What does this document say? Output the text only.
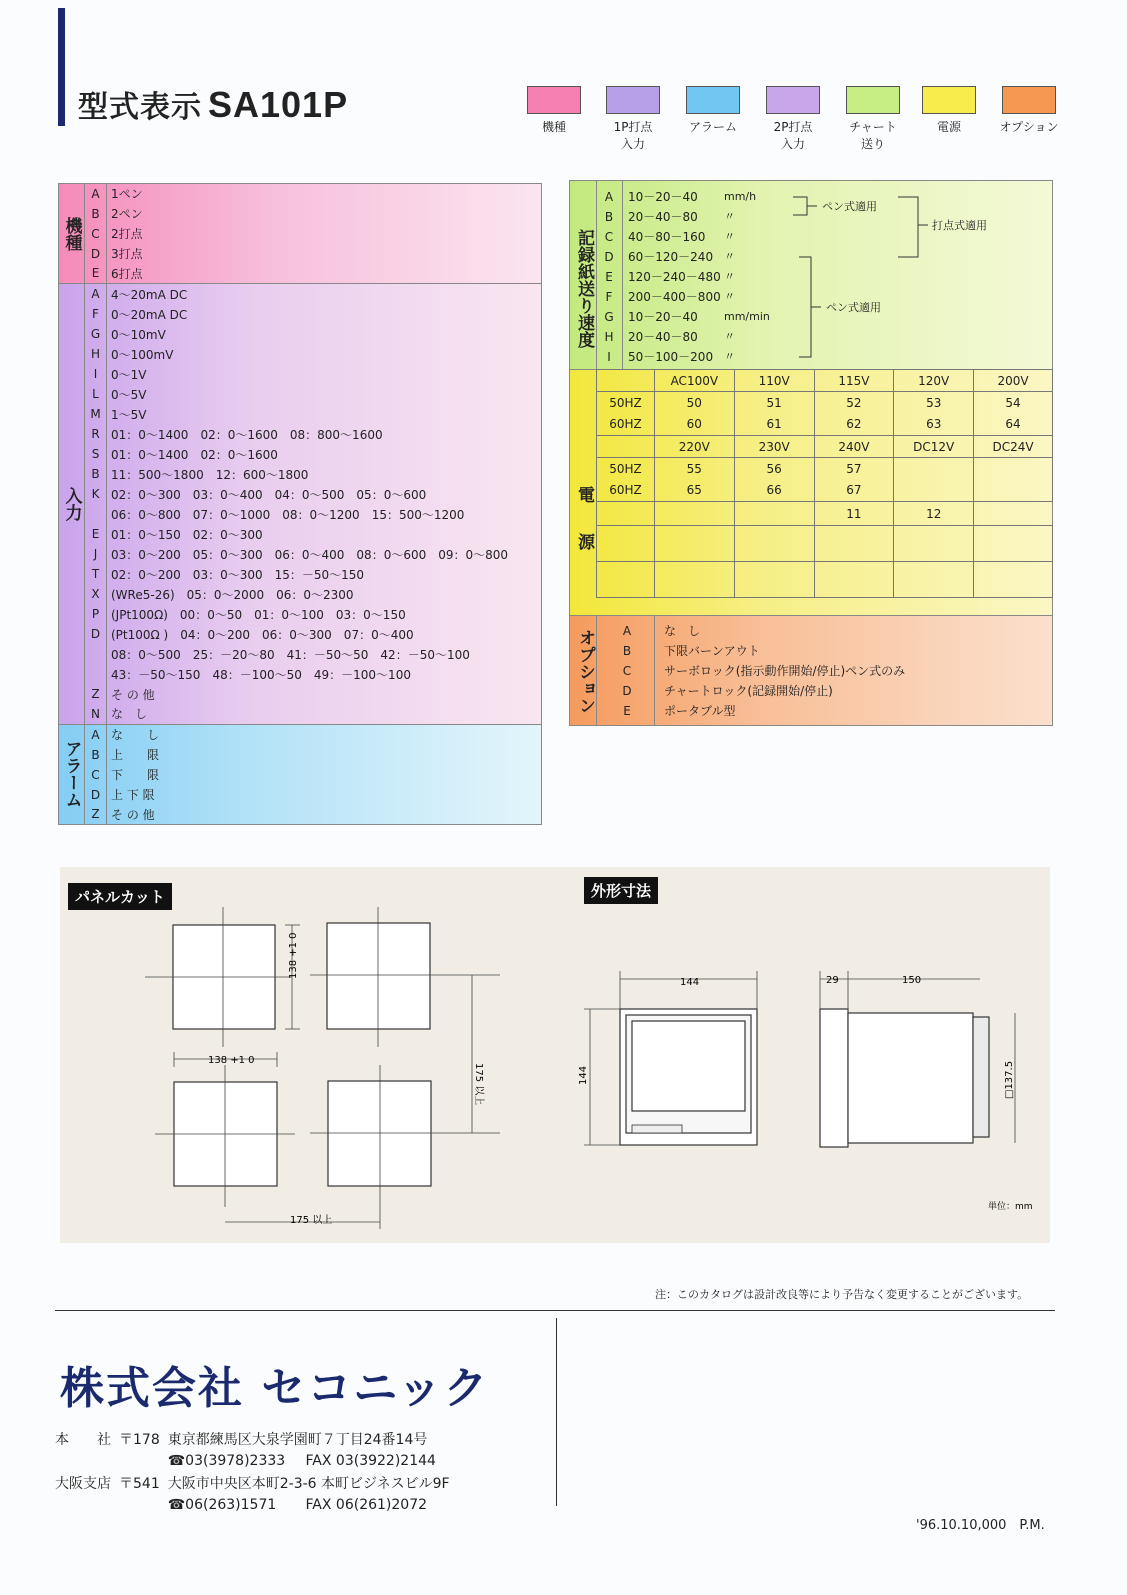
型式表示 SA101P
機種	1P打点
入力
アラーム	2P打点
入力
チャート
送り
電源	オプション
機種	A	1ペン
	B	2ペン
	C	2打点
	D	3打点
	E	6打点
入力	A	4～20mA DC
	F	0～20mA DC
	G	0～10mV
	H	0～100mV
	I	0～1V
	L	0～5V
	M	1～5V
	R	01：0～1400　02：0～1600　08：800～1600
	S	01：0～1400　02：0～1600
	B	11：500～1800　12：600～1800
	K	02：0～300　03：0～400　04：0～500　05：0～600
		06：0～800　07：0～1000　08：0～1200　15：500～1200
	E	01：0～150　02：0～300
	J	03：0～200　05：0～300　06：0～400　08：0～600　09：0～800
	T	02：0～200　03：0～300　15：－50～150
	X	(WRe5-26)　05：0～2000　06：0～2300
	P	(JPt100Ω)　00：0～50　01：0～100　03：0～150
	D	(Pt100Ω )　04：0～200　06：0～300　07：0～400
		08：0～500　25：－20～80　41：－50～50　42：－50～100
		43：－50～150　48：－100～50　49：－100～100
	Z	そ の 他
	N	な　し
アラーム	A	な　　し
	B	上　　限
	C	下　　限
	D	上 下 限
	Z	そ の 他
記録紙送り速度
A	10－20－40 mm/h
B	20－40－80 〃
C	40－80－160 〃
D	60－120－240 〃
E	120－240－480 〃
F	200－400－800 〃
G	10－20－40 mm/min
H	20－40－80 〃
I	50－100－200 〃
ペン式適用
打点式適用
ペン式適用
電源
	AC100V	110V	115V	120V	200V
50HZ	50	51	52	53	54
60HZ	60	61	62	63	64
	220V	230V	240V	DC12V	DC24V
50HZ	55	56	57		
60HZ	65	66	67		
			11	12	

オプション	A	な　し
B	下限バーンアウト
C	サーボロック(指示動作開始/停止)ペン式のみ
D	チャートロック(記録開始/停止)
E	ポータブル型
パネルカット	外形寸法
138 +1 0
138 +1 0
175 以上
175 以上
144
144
29	150
□137.5
単位：mm
注：このカタログは設計改良等により予告なく変更することがございます。
株式会社 セコニック
本　　社	〒178	東京都練馬区大泉学園町７丁目24番14号	
		☎03(3978)2333	FAX 03(3922)2144
大阪支店	〒541	大阪市中央区本町2-3-6 本町ビジネスビル9F	
		☎06(263)1571	FAX 06(261)2072
'96.10.10,000　P.M.
